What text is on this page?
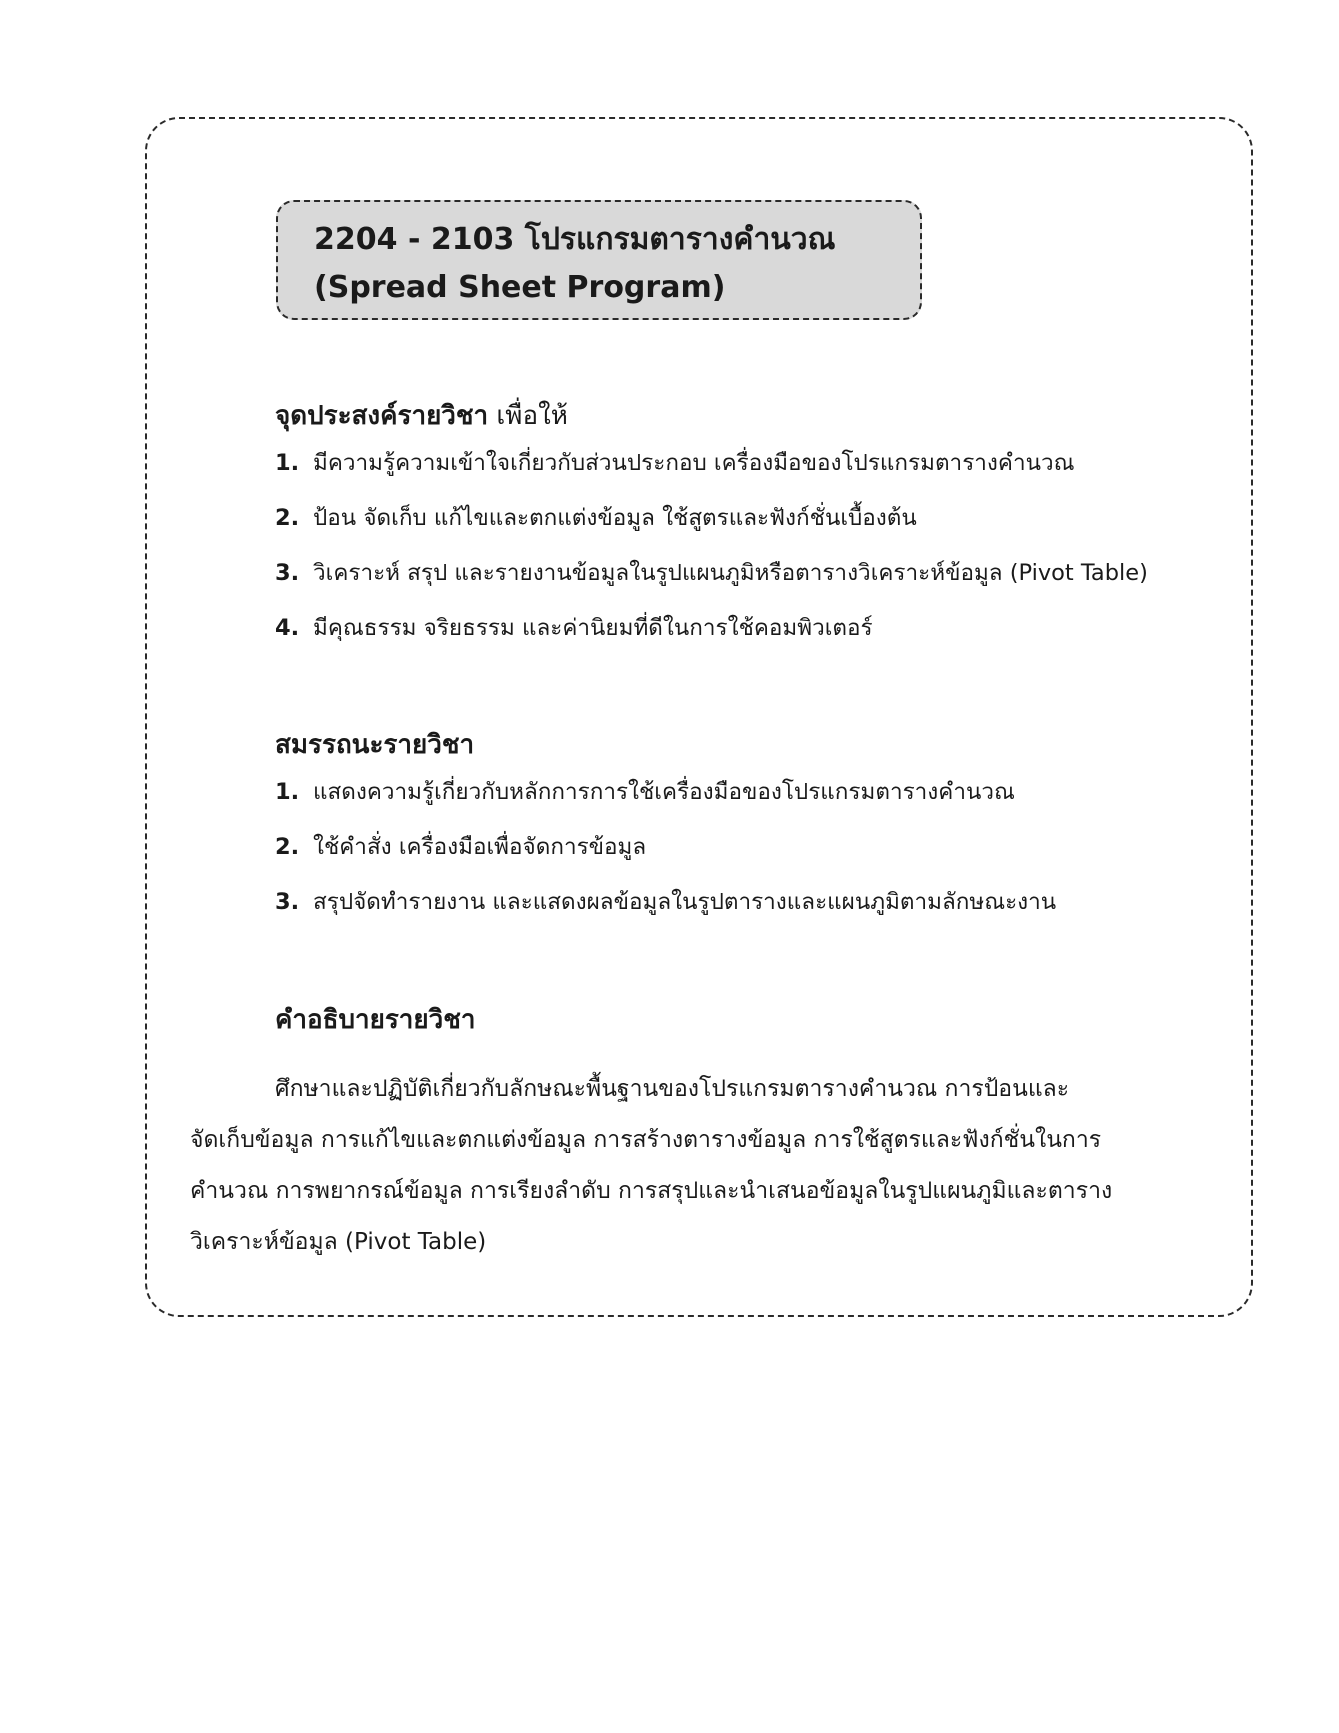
2204 - 2103 โปรแกรมตารางคำนวณ
(Spread Sheet Program)
จุดประสงค์รายวิชา เพื่อให้
1. มีความรู้ความเข้าใจเกี่ยวกับส่วนประกอบ เครื่องมือของโปรแกรมตารางคำนวณ
2. ป้อน จัดเก็บ แก้ไขและตกแต่งข้อมูล ใช้สูตรและฟังก์ชั่นเบื้องต้น
3. วิเคราะห์ สรุป และรายงานข้อมูลในรูปแผนภูมิหรือตารางวิเคราะห์ข้อมูล (Pivot Table)
4. มีคุณธรรม จริยธรรม และค่านิยมที่ดีในการใช้คอมพิวเตอร์
สมรรถนะรายวิชา
1. แสดงความรู้เกี่ยวกับหลักการการใช้เครื่องมือของโปรแกรมตารางคำนวณ
2. ใช้คำสั่ง เครื่องมือเพื่อจัดการข้อมูล
3. สรุปจัดทำรายงาน และแสดงผลข้อมูลในรูปตารางและแผนภูมิตามลักษณะงาน
คำอธิบายรายวิชา
ศึกษาและปฏิบัติเกี่ยวกับลักษณะพื้นฐานของโปรแกรมตารางคำนวณ การป้อนและ
จัดเก็บข้อมูล การแก้ไขและตกแต่งข้อมูล การสร้างตารางข้อมูล การใช้สูตรและฟังก์ชั่นในการ
คำนวณ การพยากรณ์ข้อมูล การเรียงลำดับ การสรุปและนำเสนอข้อมูลในรูปแผนภูมิและตาราง
วิเคราะห์ข้อมูล (Pivot Table)
